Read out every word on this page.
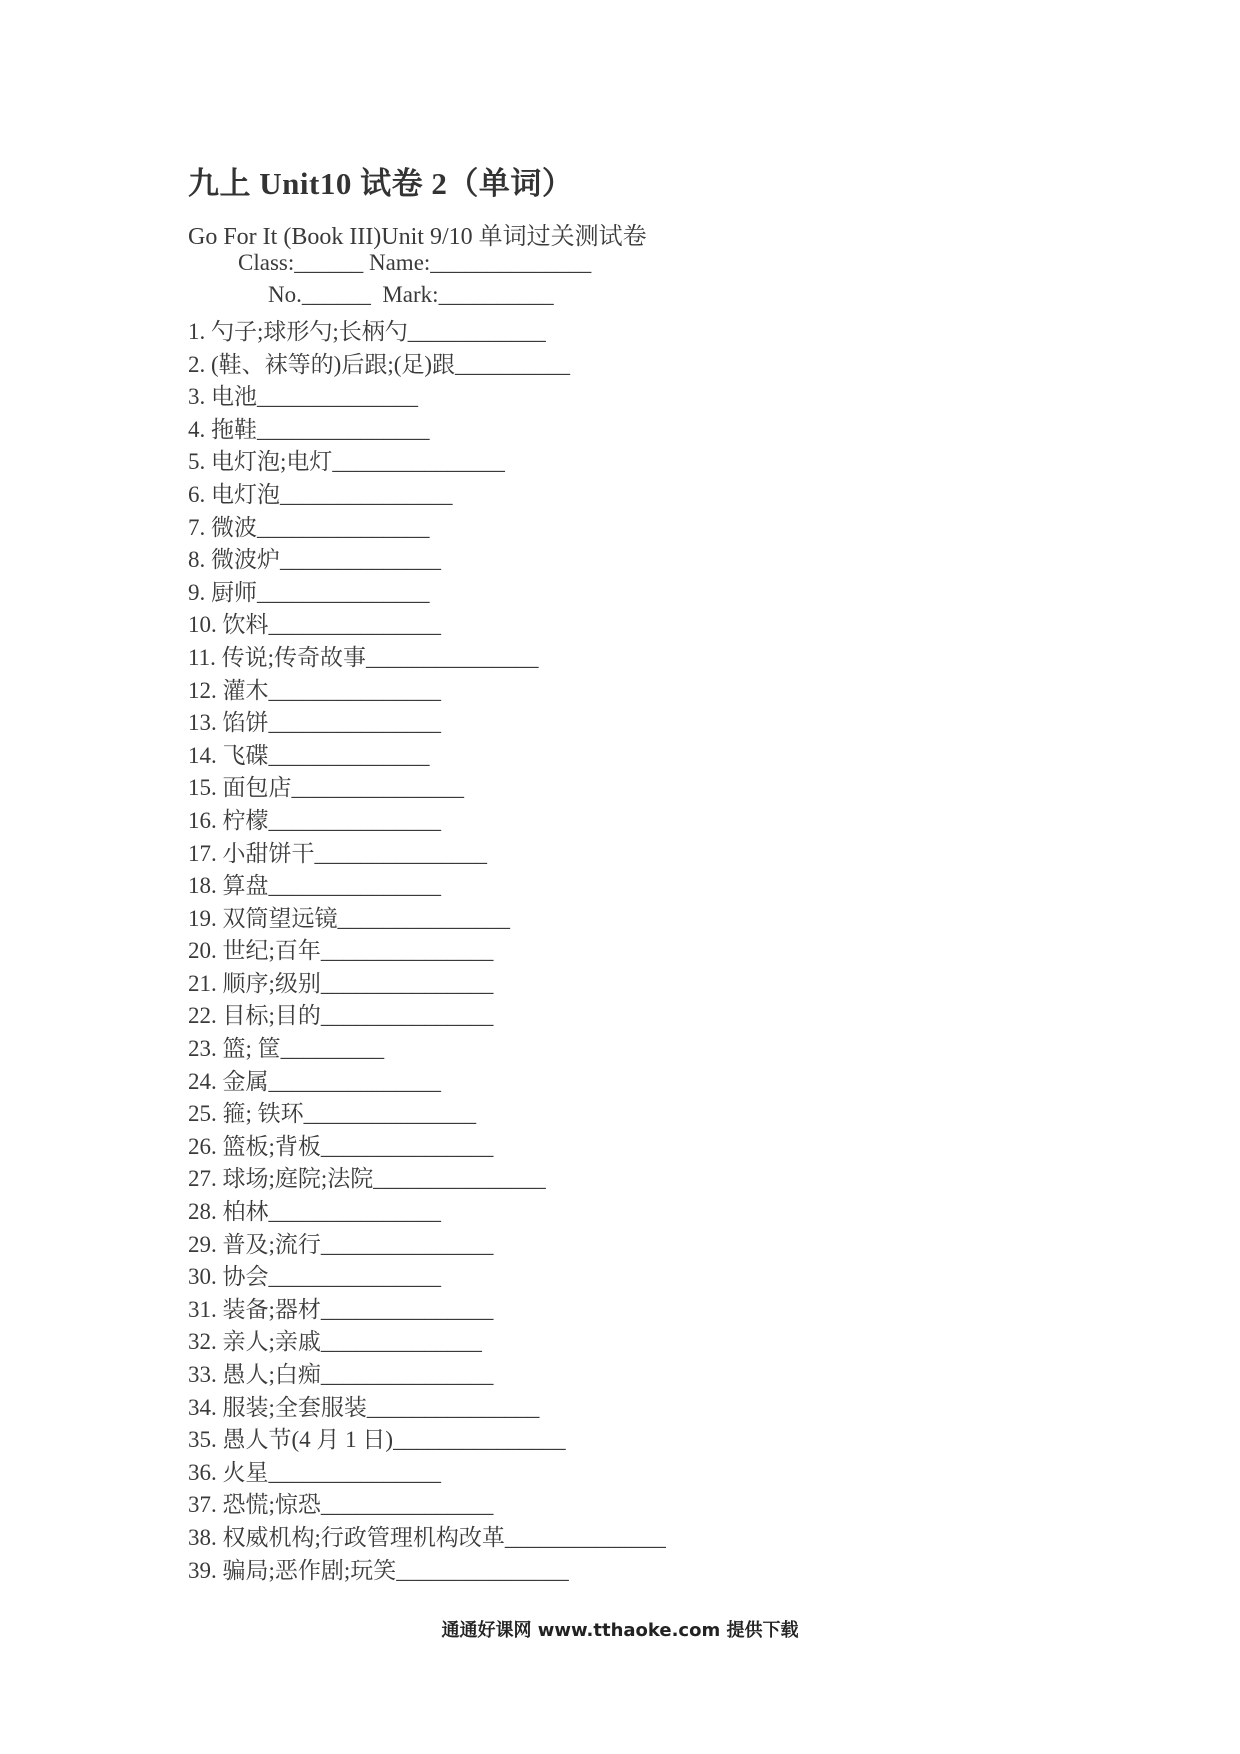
九上 Unit10 试卷 2（单词）
Go For It (Book III)Unit 9/10 单词过关测试卷
Class:______ Name:______________
No.______  Mark:__________
1. 勺子;球形勺;长柄勺____________
2. (鞋、袜等的)后跟;(足)跟__________
3. 电池______________
4. 拖鞋_______________
5. 电灯泡;电灯_______________
6. 电灯泡_______________
7. 微波_______________
8. 微波炉______________
9. 厨师_______________
10. 饮料_______________
11. 传说;传奇故事_______________
12. 灌木_______________
13. 馅饼_______________
14. 飞碟______________
15. 面包店_______________
16. 柠檬_______________
17. 小甜饼干_______________
18. 算盘_______________
19. 双筒望远镜_______________
20. 世纪;百年_______________
21. 顺序;级别_______________
22. 目标;目的_______________
23. 篮; 筐_________
24. 金属_______________
25. 箍; 铁环_______________
26. 篮板;背板_______________
27. 球场;庭院;法院_______________
28. 柏林_______________
29. 普及;流行_______________
30. 协会_______________
31. 装备;器材_______________
32. 亲人;亲戚______________
33. 愚人;白痴_______________
34. 服装;全套服装_______________
35. 愚人节(4 月 1 日)_______________
36. 火星_______________
37. 恐慌;惊恐_______________
38. 权威机构;行政管理机构改革______________
39. 骗局;恶作剧;玩笑_______________
通通好课网 www.tthaoke.com 提供下载
